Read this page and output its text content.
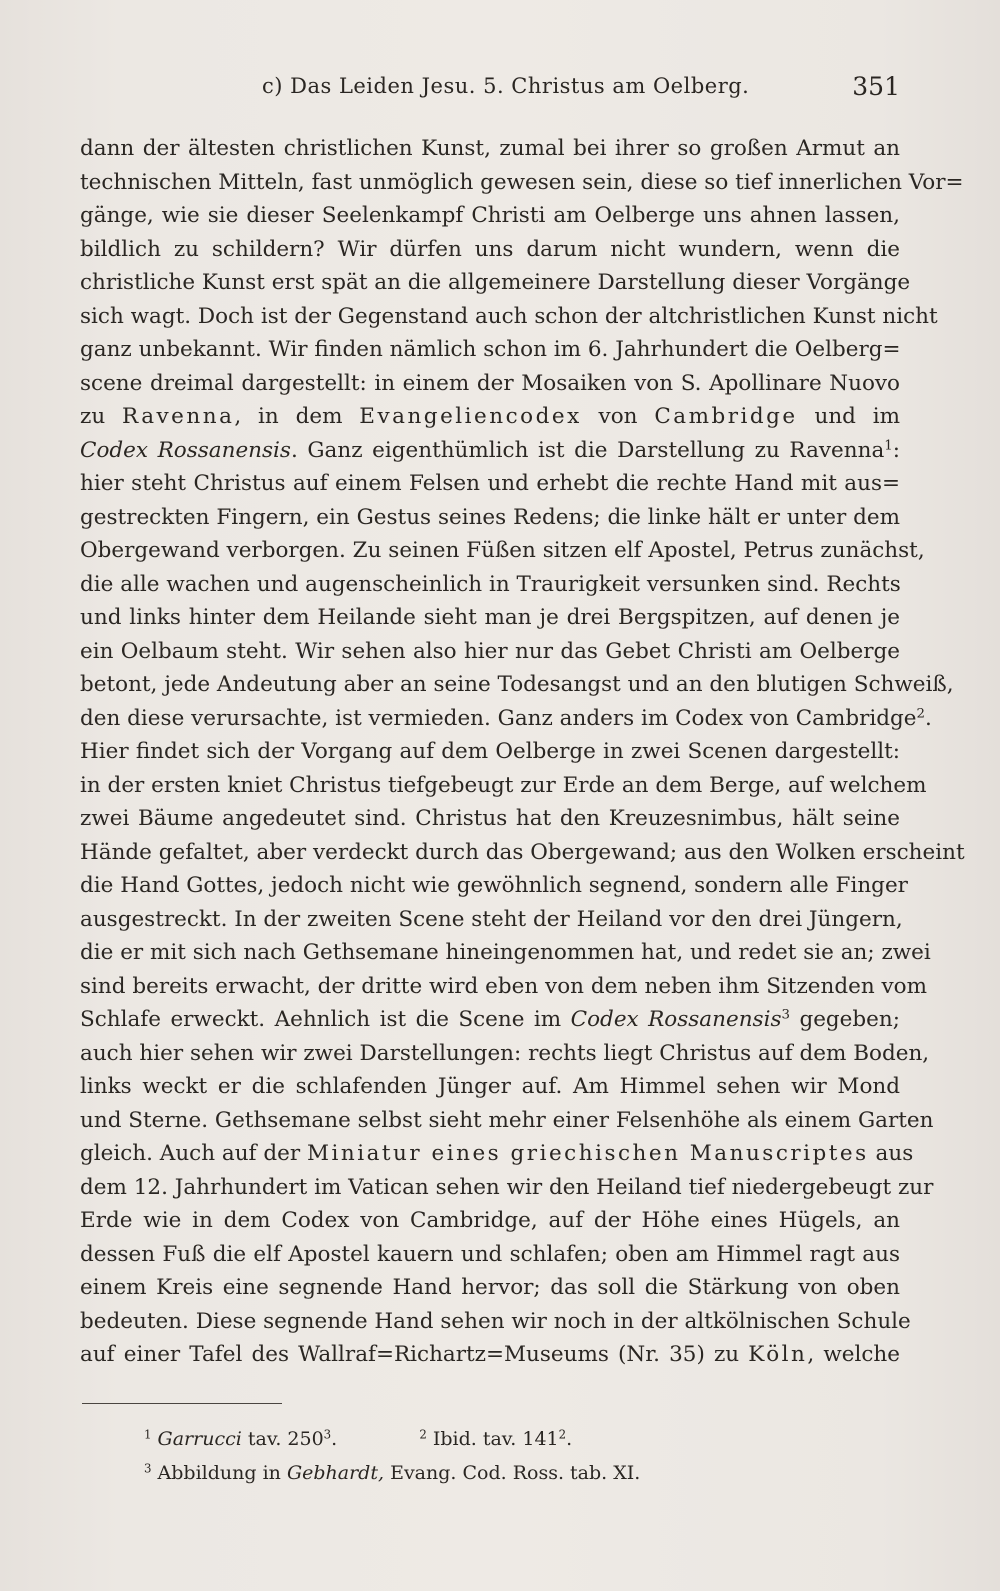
c) Das Leiden Jesu. 5. Christus am Oelberg.	351
dann der ältesten christlichen Kunst, zumal bei ihrer so großen Armut an
technischen Mitteln, fast unmöglich gewesen sein, diese so tief innerlichen Vor=
gänge, wie sie dieser Seelenkampf Christi am Oelberge uns ahnen lassen,
bildlich zu schildern? Wir dürfen uns darum nicht wundern, wenn die
christliche Kunst erst spät an die allgemeinere Darstellung dieser Vorgänge
sich wagt. Doch ist der Gegenstand auch schon der altchristlichen Kunst nicht
ganz unbekannt. Wir finden nämlich schon im 6. Jahrhundert die Oelberg=
scene dreimal dargestellt: in einem der Mosaiken von S. Apollinare Nuovo
zu Ravenna, in dem Evangeliencodex von Cambridge und im
Codex Rossanensis. Ganz eigenthümlich ist die Darstellung zu Ravenna$^1$:
hier steht Christus auf einem Felsen und erhebt die rechte Hand mit aus=
gestreckten Fingern, ein Gestus seines Redens; die linke hält er unter dem
Obergewand verborgen. Zu seinen Füßen sitzen elf Apostel, Petrus zunächst,
die alle wachen und augenscheinlich in Traurigkeit versunken sind. Rechts
und links hinter dem Heilande sieht man je drei Bergspitzen, auf denen je
ein Oelbaum steht. Wir sehen also hier nur das Gebet Christi am Oelberge
betont, jede Andeutung aber an seine Todesangst und an den blutigen Schweiß,
den diese verursachte, ist vermieden. Ganz anders im Codex von Cambridge$^2$.
Hier findet sich der Vorgang auf dem Oelberge in zwei Scenen dargestellt:
in der ersten kniet Christus tiefgebeugt zur Erde an dem Berge, auf welchem
zwei Bäume angedeutet sind. Christus hat den Kreuzesnimbus, hält seine
Hände gefaltet, aber verdeckt durch das Obergewand; aus den Wolken erscheint
die Hand Gottes, jedoch nicht wie gewöhnlich segnend, sondern alle Finger
ausgestreckt. In der zweiten Scene steht der Heiland vor den drei Jüngern,
die er mit sich nach Gethsemane hineingenommen hat, und redet sie an; zwei
sind bereits erwacht, der dritte wird eben von dem neben ihm Sitzenden vom
Schlafe erweckt. Aehnlich ist die Scene im Codex Rossanensis$^3$ gegeben;
auch hier sehen wir zwei Darstellungen: rechts liegt Christus auf dem Boden,
links weckt er die schlafenden Jünger auf. Am Himmel sehen wir Mond
und Sterne. Gethsemane selbst sieht mehr einer Felsenhöhe als einem Garten
gleich. Auch auf der Miniatur eines griechischen Manuscriptes aus
dem 12. Jahrhundert im Vatican sehen wir den Heiland tief niedergebeugt zur
Erde wie in dem Codex von Cambridge, auf der Höhe eines Hügels, an
dessen Fuß die elf Apostel kauern und schlafen; oben am Himmel ragt aus
einem Kreis eine segnende Hand hervor; das soll die Stärkung von oben
bedeuten. Diese segnende Hand sehen wir noch in der altkölnischen Schule
auf einer Tafel des Wallraf=Richartz=Museums (Nr. 35) zu Köln, welche
$^1$ Garrucci tav. $250^3$.	$^2$ Ibid. tav. $141^2$.
$^3$ Abbildung in Gebhardt, Evang. Cod. Ross. tab. XI.
